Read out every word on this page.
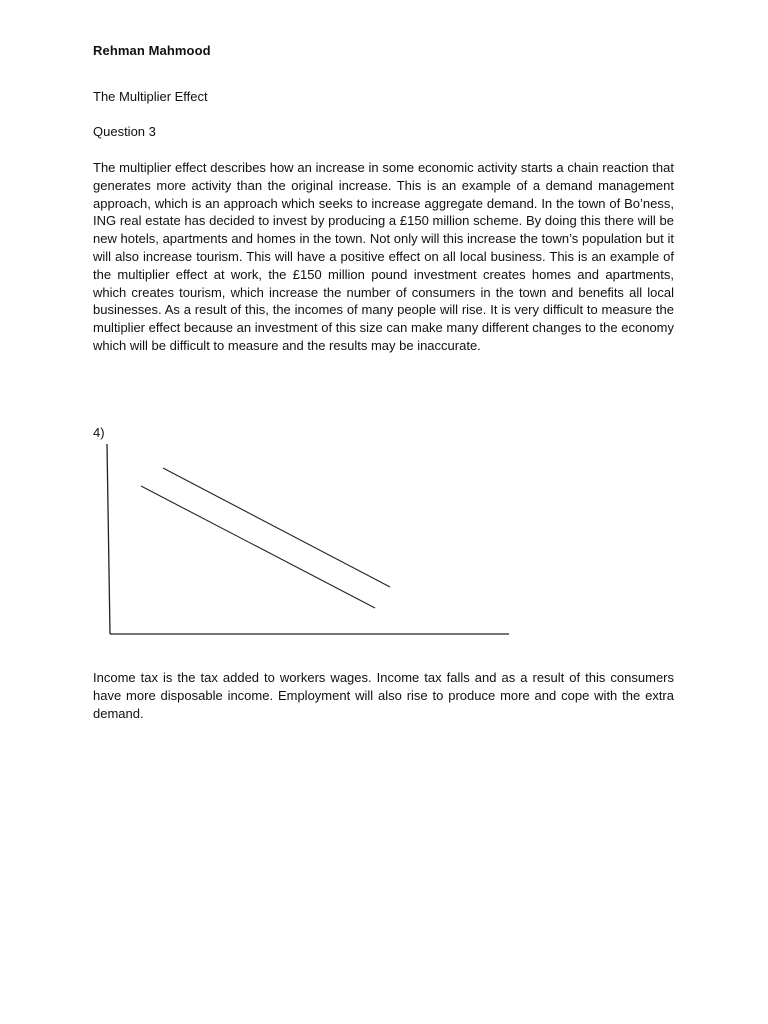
Rehman Mahmood
The Multiplier Effect
Question 3

The multiplier effect describes how an increase in some economic activity starts a chain reaction that generates more activity than the original increase. This is an example of a demand management approach, which is an approach which seeks to increase aggregate demand. In the town of Bo’ness, ING real estate has decided to invest by producing a £150 million scheme. By doing this there will be new hotels, apartments and homes in the town. Not only will this increase the town’s population but it will also increase tourism. This will have a positive effect on all local business. This is an example of the multiplier effect at work, the £150 million pound investment creates homes and apartments, which creates tourism, which increase the number of consumers in the town and benefits all local businesses. As a result of this, the incomes of many people will rise. It is very difficult to measure the multiplier effect because an investment of this size can make many different changes to the economy which will be difficult to measure and the results may be inaccurate.

4)

Income tax is the tax added to workers wages. Income tax falls and as a result of this consumers have more disposable income. Employment will also rise to produce more and cope with the extra demand.
